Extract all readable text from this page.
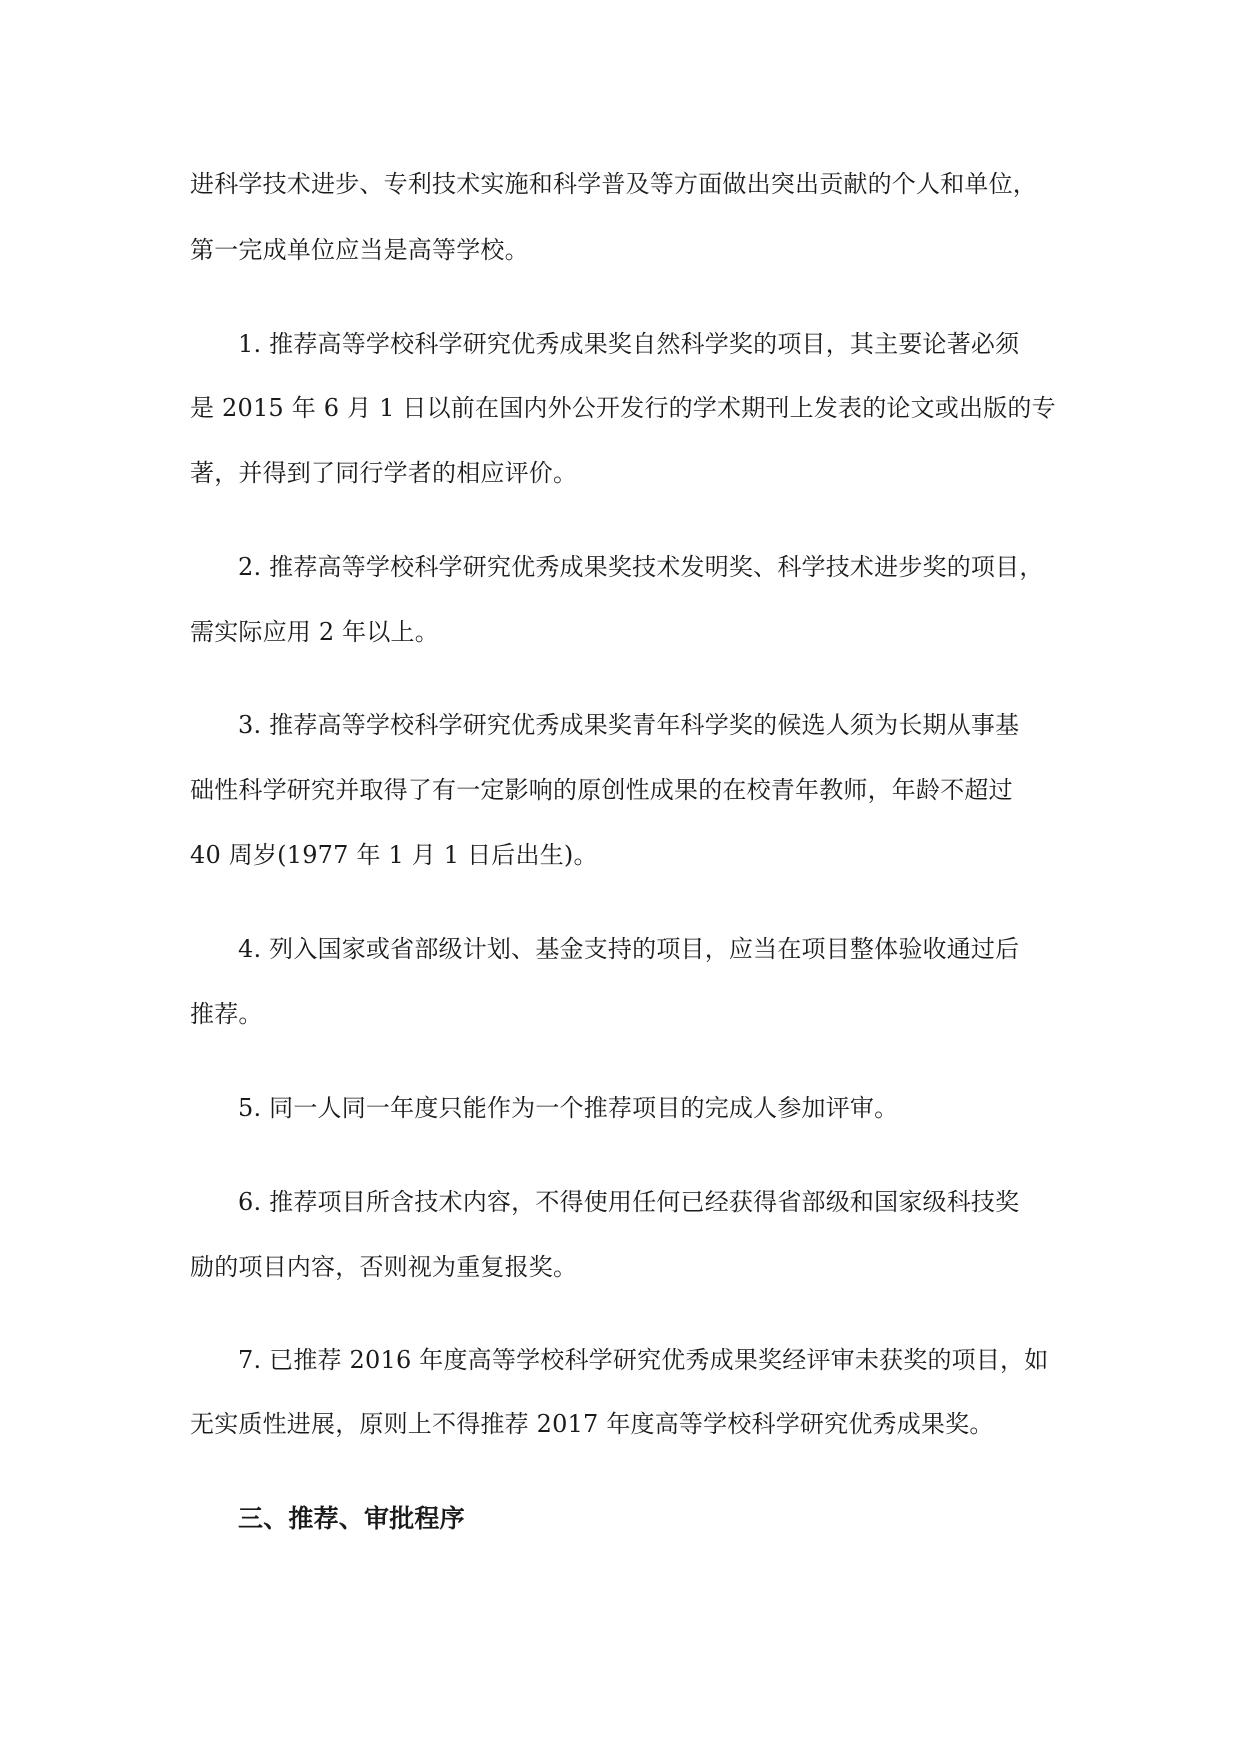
进科学技术进步、专利技术实施和科学普及等方面做出突出贡献的个人和单位，
第一完成单位应当是高等学校。
1. 推荐高等学校科学研究优秀成果奖自然科学奖的项目，其主要论著必须
是 2015 年 6 月 1 日以前在国内外公开发行的学术期刊上发表的论文或出版的专
著，并得到了同行学者的相应评价。
2. 推荐高等学校科学研究优秀成果奖技术发明奖、科学技术进步奖的项目，
需实际应用 2 年以上。
3. 推荐高等学校科学研究优秀成果奖青年科学奖的候选人须为长期从事基
础性科学研究并取得了有一定影响的原创性成果的在校青年教师，年龄不超过
40 周岁(1977 年 1 月 1 日后出生)。
4. 列入国家或省部级计划、基金支持的项目，应当在项目整体验收通过后
推荐。
5. 同一人同一年度只能作为一个推荐项目的完成人参加评审。
6. 推荐项目所含技术内容，不得使用任何已经获得省部级和国家级科技奖
励的项目内容，否则视为重复报奖。
7. 已推荐 2016 年度高等学校科学研究优秀成果奖经评审未获奖的项目，如
无实质性进展，原则上不得推荐 2017 年度高等学校科学研究优秀成果奖。
三、推荐、审批程序
